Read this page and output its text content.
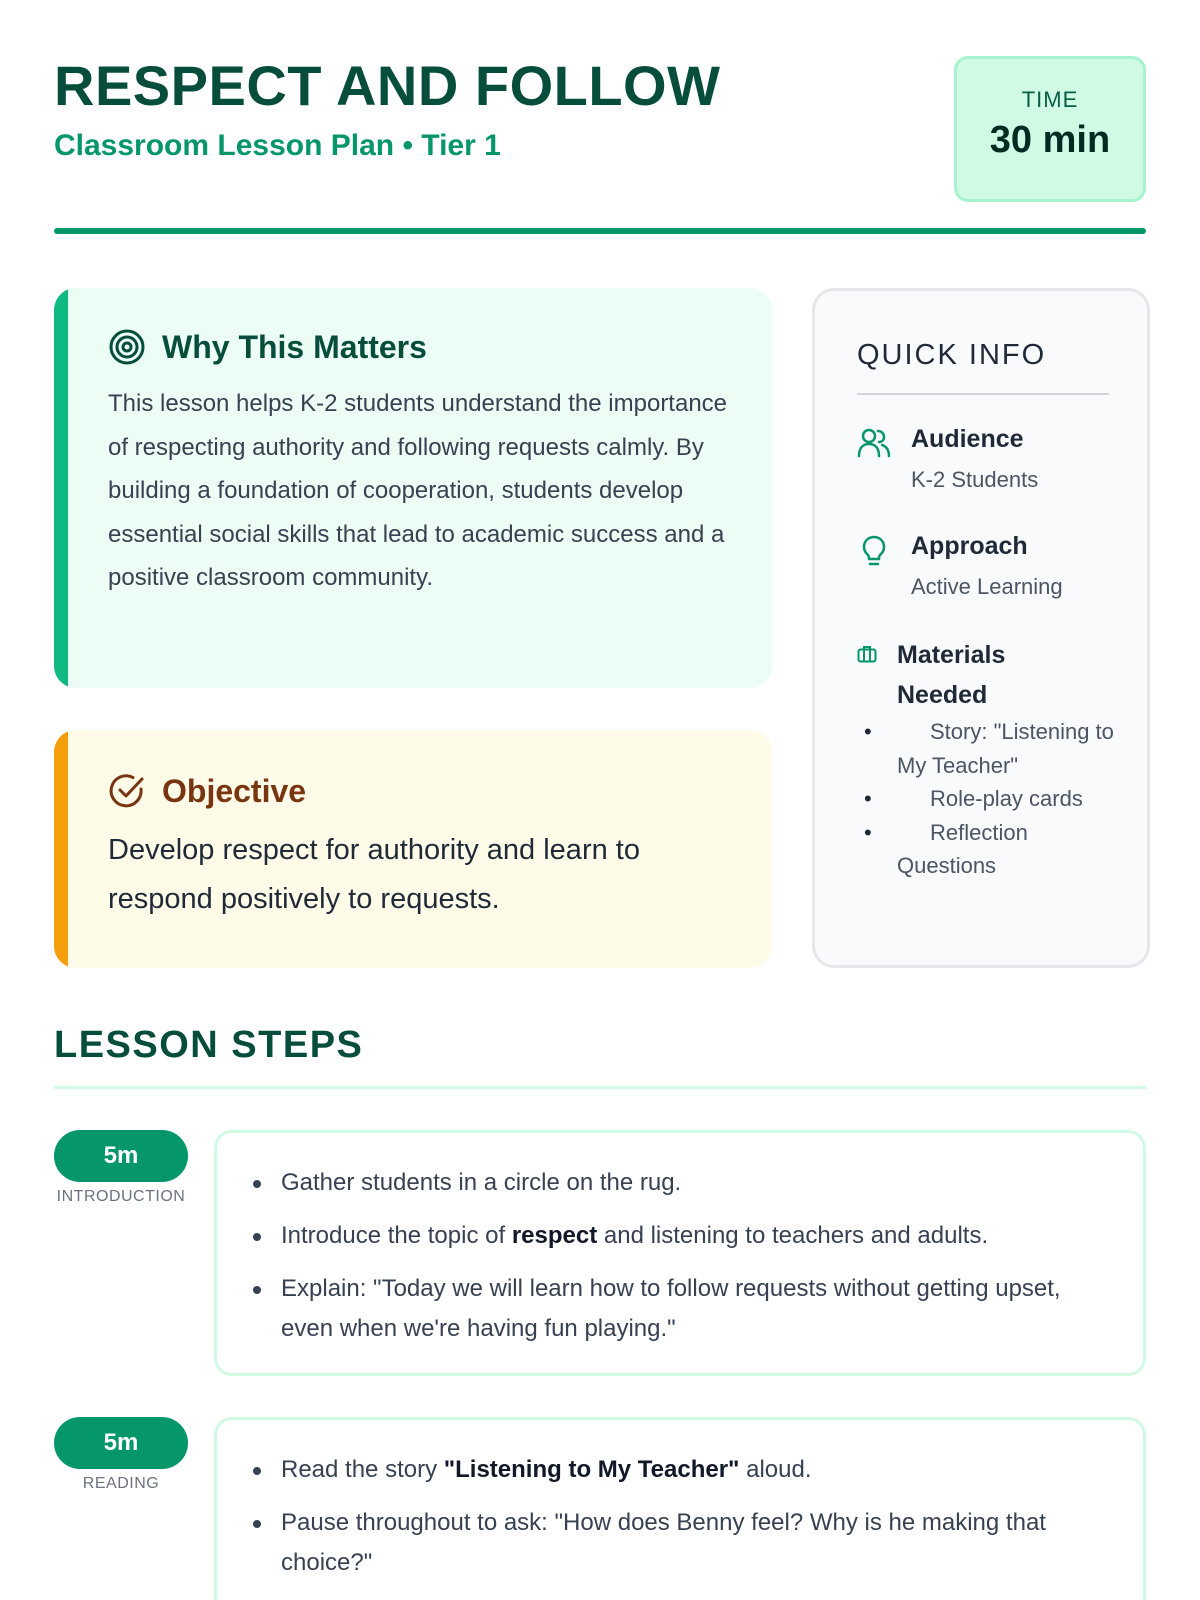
RESPECT AND FOLLOW
Classroom Lesson Plan • Tier 1
TIME
30 min
Why This Matters
This lesson helps K-2 students understand the importance of respecting authority and following requests calmly. By building a foundation of cooperation, students develop essential social skills that lead to academic success and a positive classroom community.
Objective
Develop respect for authority and learn to respond positively to requests.
QUICK INFO
Audience
K-2 Students
Approach
Active Learning
Materials Needed
• Story: "Listening to My Teacher"
• Role-play cards
• Reflection Questions
LESSON STEPS
5m
INTRODUCTION
Gather students in a circle on the rug.
Introduce the topic of respect and listening to teachers and adults.
Explain: "Today we will learn how to follow requests without getting upset, even when we're having fun playing."
5m
READING
Read the story "Listening to My Teacher" aloud.
Pause throughout to ask: "How does Benny feel? Why is he making that choice?"
